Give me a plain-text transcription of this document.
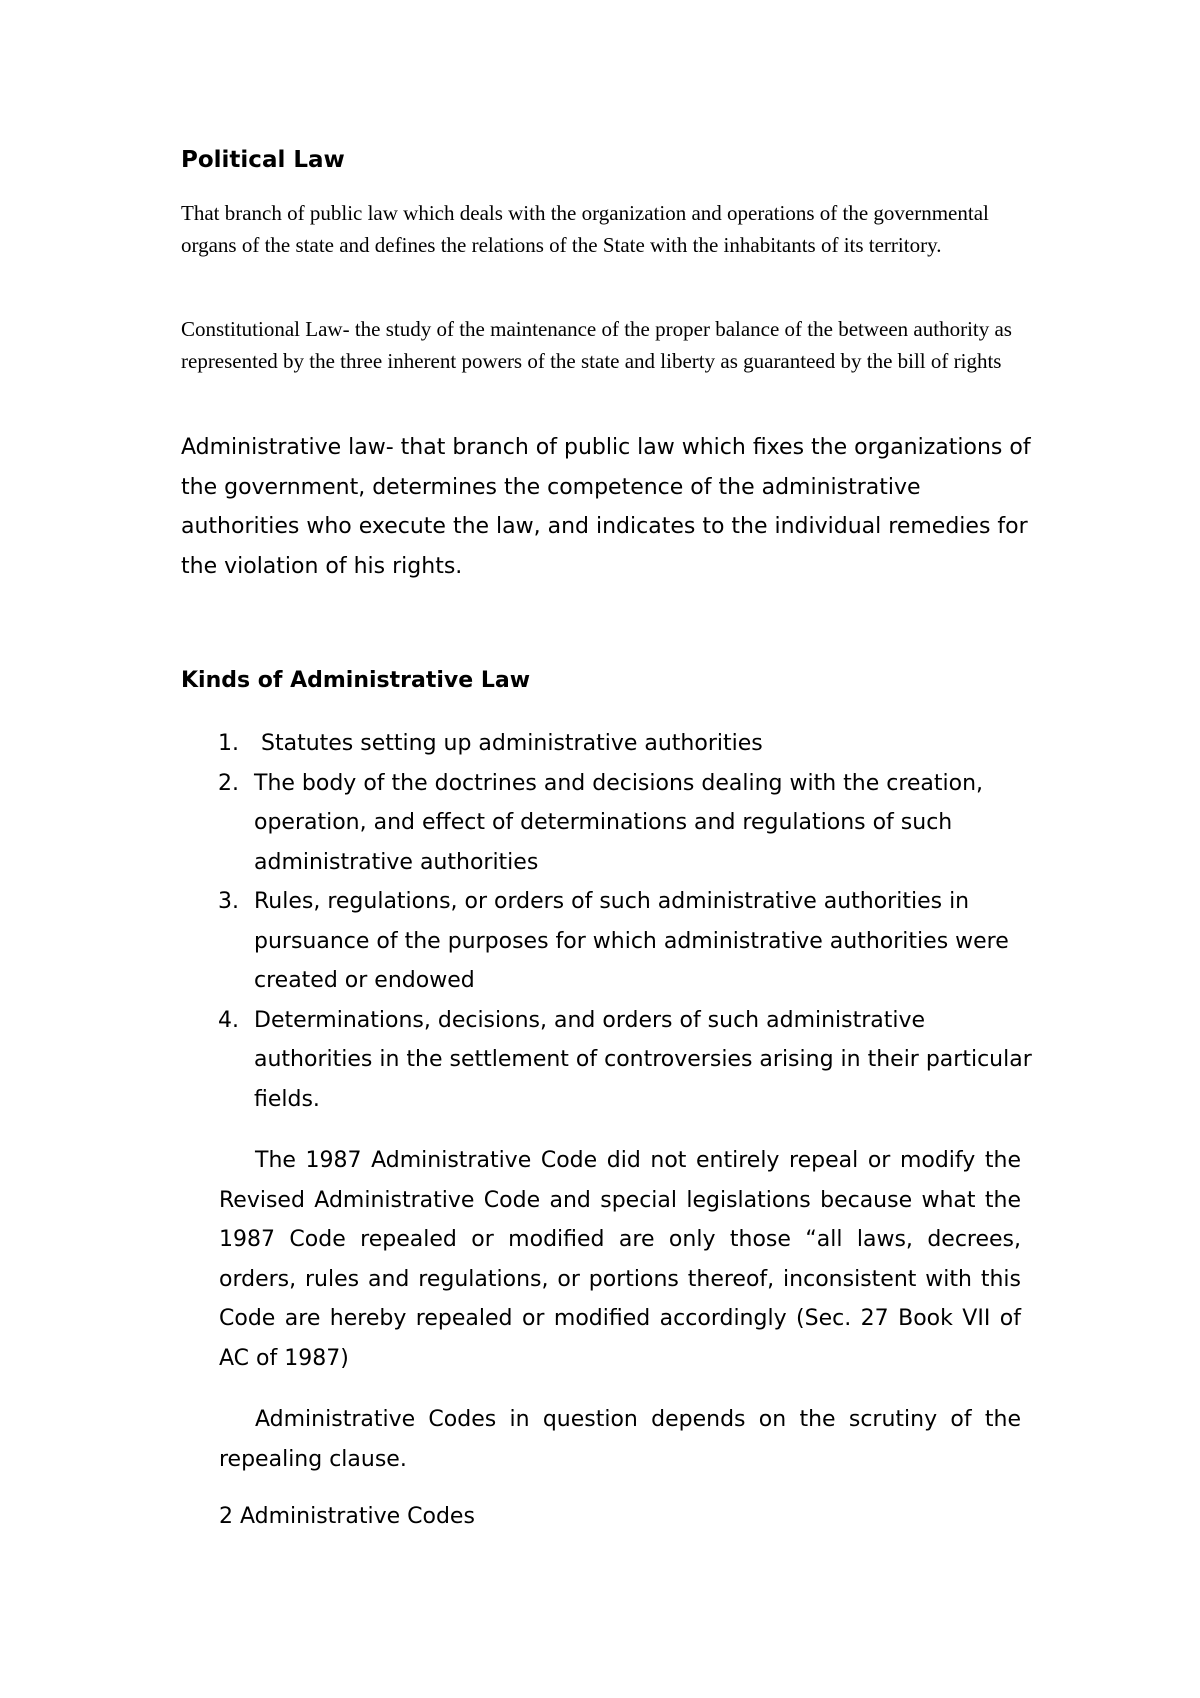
Political Law

That branch of public law which deals with the organization and operations of the governmental organs of the state and defines the relations of the State with the inhabitants of its territory.

Constitutional Law- the study of the maintenance of the proper balance of the between authority as represented by the three inherent powers of the state and liberty as guaranteed by the bill of rights

Administrative law- that branch of public law which fixes the organizations of the government, determines the competence of the administrative authorities who execute the law, and indicates to the individual remedies for the violation of his rights.

Kinds of Administrative Law
1. Statutes setting up administrative authorities
2. The body of the doctrines and decisions dealing with the creation, operation, and effect of determinations and regulations of such administrative authorities
3. Rules, regulations, or orders of such administrative authorities in pursuance of the purposes for which administrative authorities were created or endowed
4. Determinations, decisions, and orders of such administrative authorities in the settlement of controversies arising in their particular fields.

The 1987 Administrative Code did not entirely repeal or modify the Revised Administrative Code and special legislations because what the 1987 Code repealed or modified are only those “all laws, decrees, orders, rules and regulations, or portions thereof, inconsistent with this Code are hereby repealed or modified accordingly (Sec. 27 Book VII of AC of 1987)

Administrative Codes in question depends on the scrutiny of the repealing clause.

2 Administrative Codes
